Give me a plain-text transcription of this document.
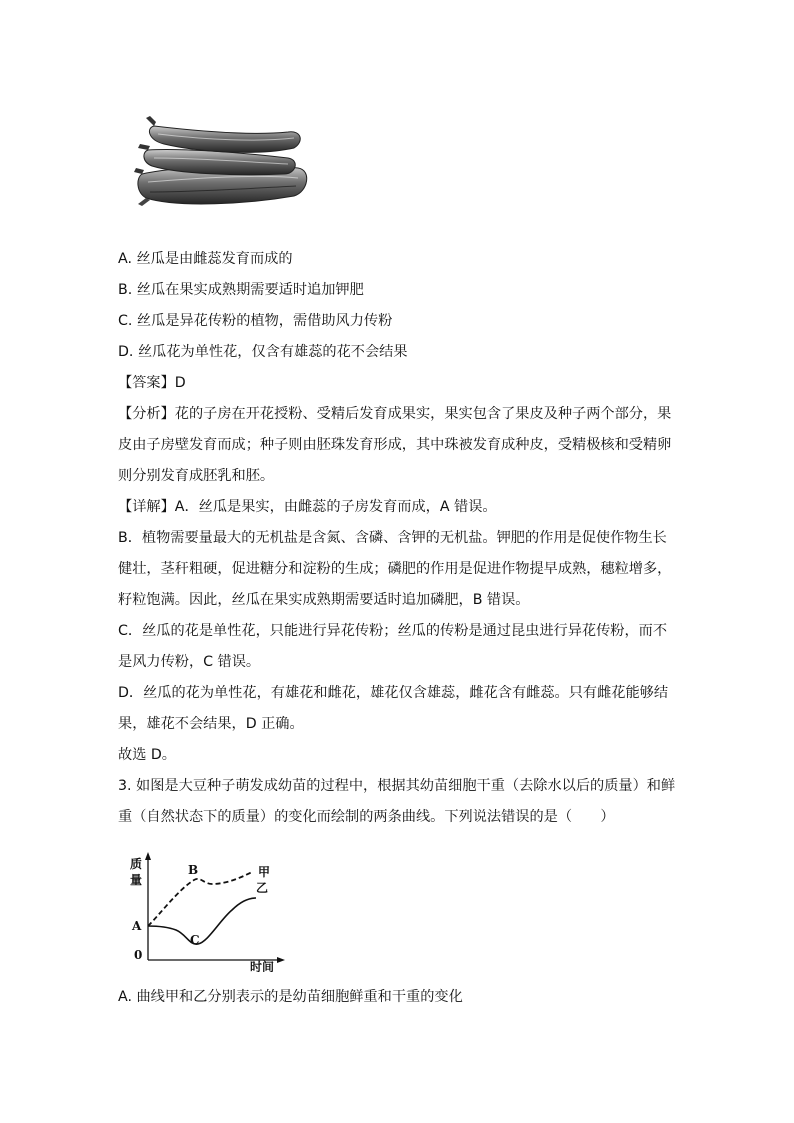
A. 丝瓜是由雌蕊发育而成的
B. 丝瓜在果实成熟期需要适时追加钾肥
C. 丝瓜是异花传粉的植物，需借助风力传粉
D. 丝瓜花为单性花，仅含有雄蕊的花不会结果
【答案】D
【分析】花的子房在开花授粉、受精后发育成果实，果实包含了果皮及种子两个部分，果
皮由子房壁发育而成；种子则由胚珠发育形成，其中珠被发育成种皮，受精极核和受精卵
则分别发育成胚乳和胚。
【详解】A．丝瓜是果实，由雌蕊的子房发育而成，A 错误。
B．植物需要量最大的无机盐是含氮、含磷、含钾的无机盐。钾肥的作用是促使作物生长
健壮，茎秆粗硬，促进糖分和淀粉的生成；磷肥的作用是促进作物提早成熟，穗粒增多，
籽粒饱满。因此，丝瓜在果实成熟期需要适时追加磷肥，B 错误。
C．丝瓜的花是单性花，只能进行异花传粉；丝瓜的传粉是通过昆虫进行异花传粉，而不
是风力传粉，C 错误。
D．丝瓜的花为单性花，有雄花和雌花，雄花仅含雄蕊，雌花含有雌蕊。只有雌花能够结
果，雄花不会结果，D 正确。
故选 D。
3. 如图是大豆种子萌发成幼苗的过程中，根据其幼苗细胞干重（去除水以后的质量）和鲜
重（自然状态下的质量）的变化而绘制的两条曲线。下列说法错误的是（　　）
质
量
A
0
B
C
甲
乙
时间
A. 曲线甲和乙分别表示的是幼苗细胞鲜重和干重的变化
